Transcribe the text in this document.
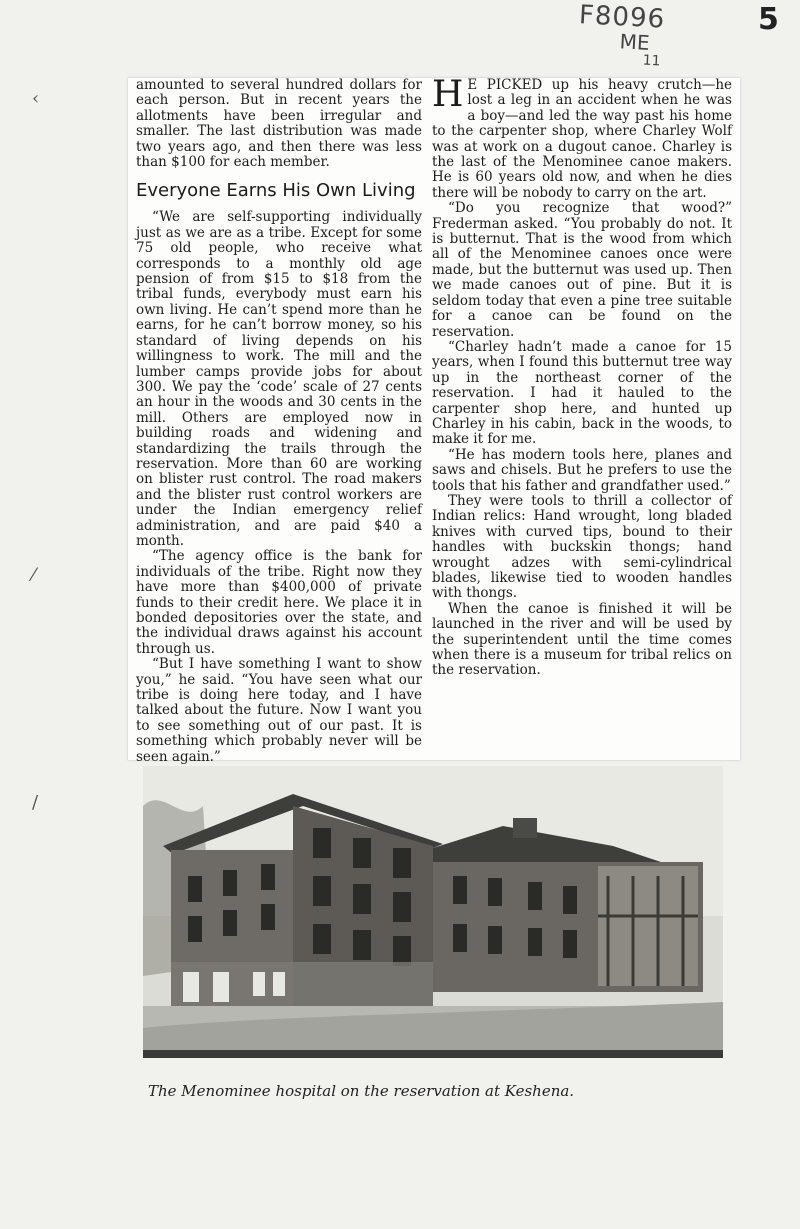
F8096
ME
11
5
‹
⁄
/

amounted to several hundred dollars for each person. But in recent years the allotments have been irregular and smaller. The last distribution was made two years ago, and then there was less than $100 for each member.

Everyone Earns His Own Living

“We are self-supporting individually just as we are as a tribe. Except for some 75 old people, who receive what corresponds to a monthly old age pension of from $15 to $18 from the tribal funds, everybody must earn his own living. He can’t spend more than he earns, for he can’t borrow money, so his standard of living depends on his willingness to work. The mill and the lumber camps provide jobs for about 300. We pay the ‘code’ scale of 27 cents an hour in the woods and 30 cents in the mill. Others are employed now in building roads and widening and standardizing the trails through the reservation. More than 60 are working on blister rust control. The road makers and the blister rust control workers are under the Indian emergency relief administration, and are paid $40 a month.

“The agency office is the bank for individuals of the tribe. Right now they have more than $400,000 of private funds to their credit here. We place it in bonded depositories over the state, and the individual draws against his account through us.

“But I have something I want to show you,” he said. “You have seen what our tribe is doing here today, and I have talked about the future. Now I want you to see something out of our past. It is something which probably never will be seen again.”

H E PICKED up his heavy crutch—he lost a leg in an accident when he was a boy—and led the way past his home to the carpenter shop, where Charley Wolf was at work on a dugout canoe. Charley is the last of the Menominee canoe makers. He is 60 years old now, and when he dies there will be nobody to carry on the art.

“Do you recognize that wood?” Frederman asked. “You probably do not. It is butternut. That is the wood from which all of the Menominee canoes once were made, but the butternut was used up. Then we made canoes out of pine. But it is seldom today that even a pine tree suitable for a canoe can be found on the reservation.

“Charley hadn’t made a canoe for 15 years, when I found this butternut tree way up in the northeast corner of the reservation. I had it hauled to the carpenter shop here, and hunted up Charley in his cabin, back in the woods, to make it for me.

“He has modern tools here, planes and saws and chisels. But he prefers to use the tools that his father and grandfather used.”

They were tools to thrill a collector of Indian relics: Hand wrought, long bladed knives with curved tips, bound to their handles with buckskin thongs; hand wrought adzes with semi-cylindrical blades, likewise tied to wooden handles with thongs.

When the canoe is finished it will be launched in the river and will be used by the superintendent until the time comes when there is a museum for tribal relics on the reservation.

The Menominee hospital on the reservation at Keshena.
